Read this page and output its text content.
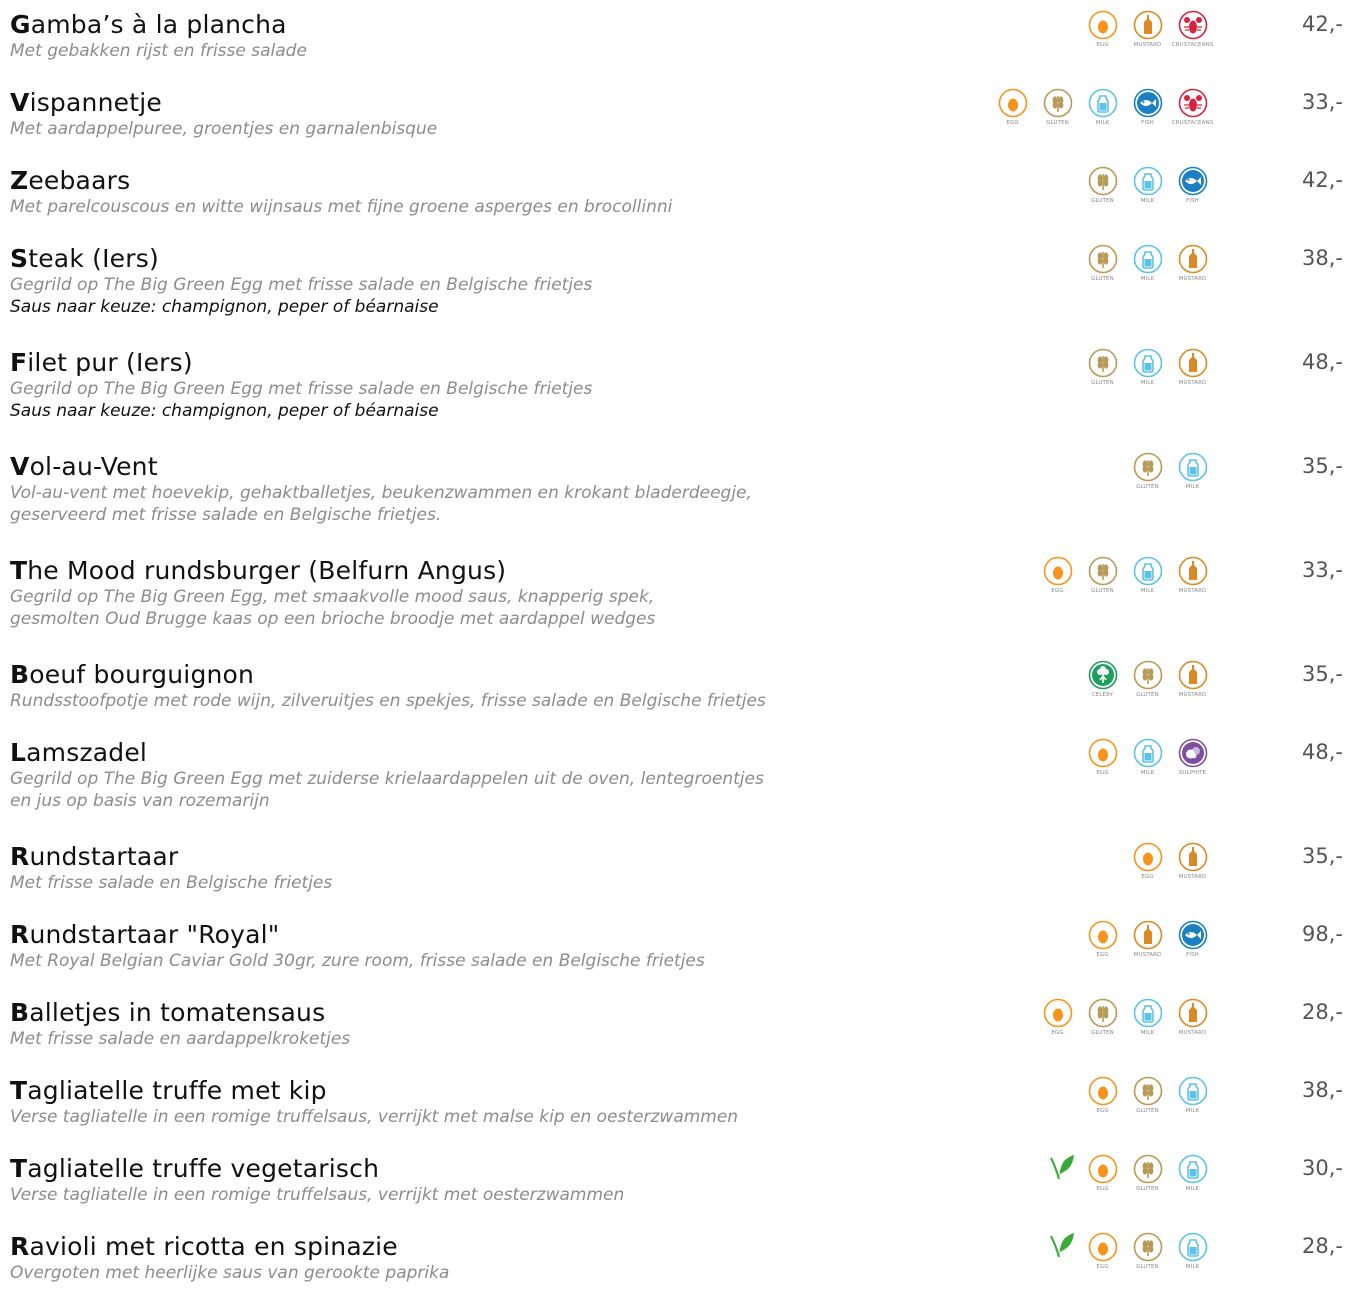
Gamba’s à la plancha
Met gebakken rijst en frisse salade
42,-
CRUSTACEANS
MUSTARD
EGG
Vispannetje
Met aardappelpuree, groentjes en garnalenbisque
33,-
CRUSTACEANS
FISH
MILK
GLUTEN
EGG
Zeebaars
Met parelcouscous en witte wijnsaus met fijne groene asperges en brocollinni
42,-
FISH
MILK
GLUTEN
Steak (Iers)
Gegrild op The Big Green Egg met frisse salade en Belgische frietjes
Saus naar keuze: champignon, peper of béarnaise
38,-
MUSTARD
MILK
GLUTEN
Filet pur (Iers)
Gegrild op The Big Green Egg met frisse salade en Belgische frietjes
Saus naar keuze: champignon, peper of béarnaise
48,-
MUSTARD
MILK
GLUTEN
Vol-au-Vent
Vol-au-vent met hoevekip, gehaktballetjes, beukenzwammen en krokant bladerdeegje,
geserveerd met frisse salade en Belgische frietjes.
35,-
MILK
GLUTEN
The Mood rundsburger (Belfurn Angus)
Gegrild op The Big Green Egg, met smaakvolle mood saus, knapperig spek,
gesmolten Oud Brugge kaas op een brioche broodje met aardappel wedges
33,-
MUSTARD
MILK
GLUTEN
EGG
Boeuf bourguignon
Rundsstoofpotje met rode wijn, zilveruitjes en spekjes, frisse salade en Belgische frietjes
35,-
MUSTARD
GLUTEN
CELERY
Lamszadel
Gegrild op The Big Green Egg met zuiderse krielaardappelen uit de oven, lentegroentjes
en jus op basis van rozemarijn
48,-
SULPHITE
MILK
EGG
Rundstartaar
Met frisse salade en Belgische frietjes
35,-
MUSTARD
EGG
Rundstartaar "Royal"
Met Royal Belgian Caviar Gold 30gr, zure room, frisse salade en Belgische frietjes
98,-
FISH
MUSTARD
EGG
Balletjes in tomatensaus
Met frisse salade en aardappelkroketjes
28,-
MUSTARD
MILK
GLUTEN
EGG
Tagliatelle truffe met kip
Verse tagliatelle in een romige truffelsaus, verrijkt met malse kip en oesterzwammen
38,-
MILK
GLUTEN
EGG
Tagliatelle truffe vegetarisch
Verse tagliatelle in een romige truffelsaus, verrijkt met oesterzwammen
30,-
MILK
GLUTEN
EGG
Ravioli met ricotta en spinazie
Overgoten met heerlijke saus van gerookte paprika
28,-
MILK
GLUTEN
EGG
